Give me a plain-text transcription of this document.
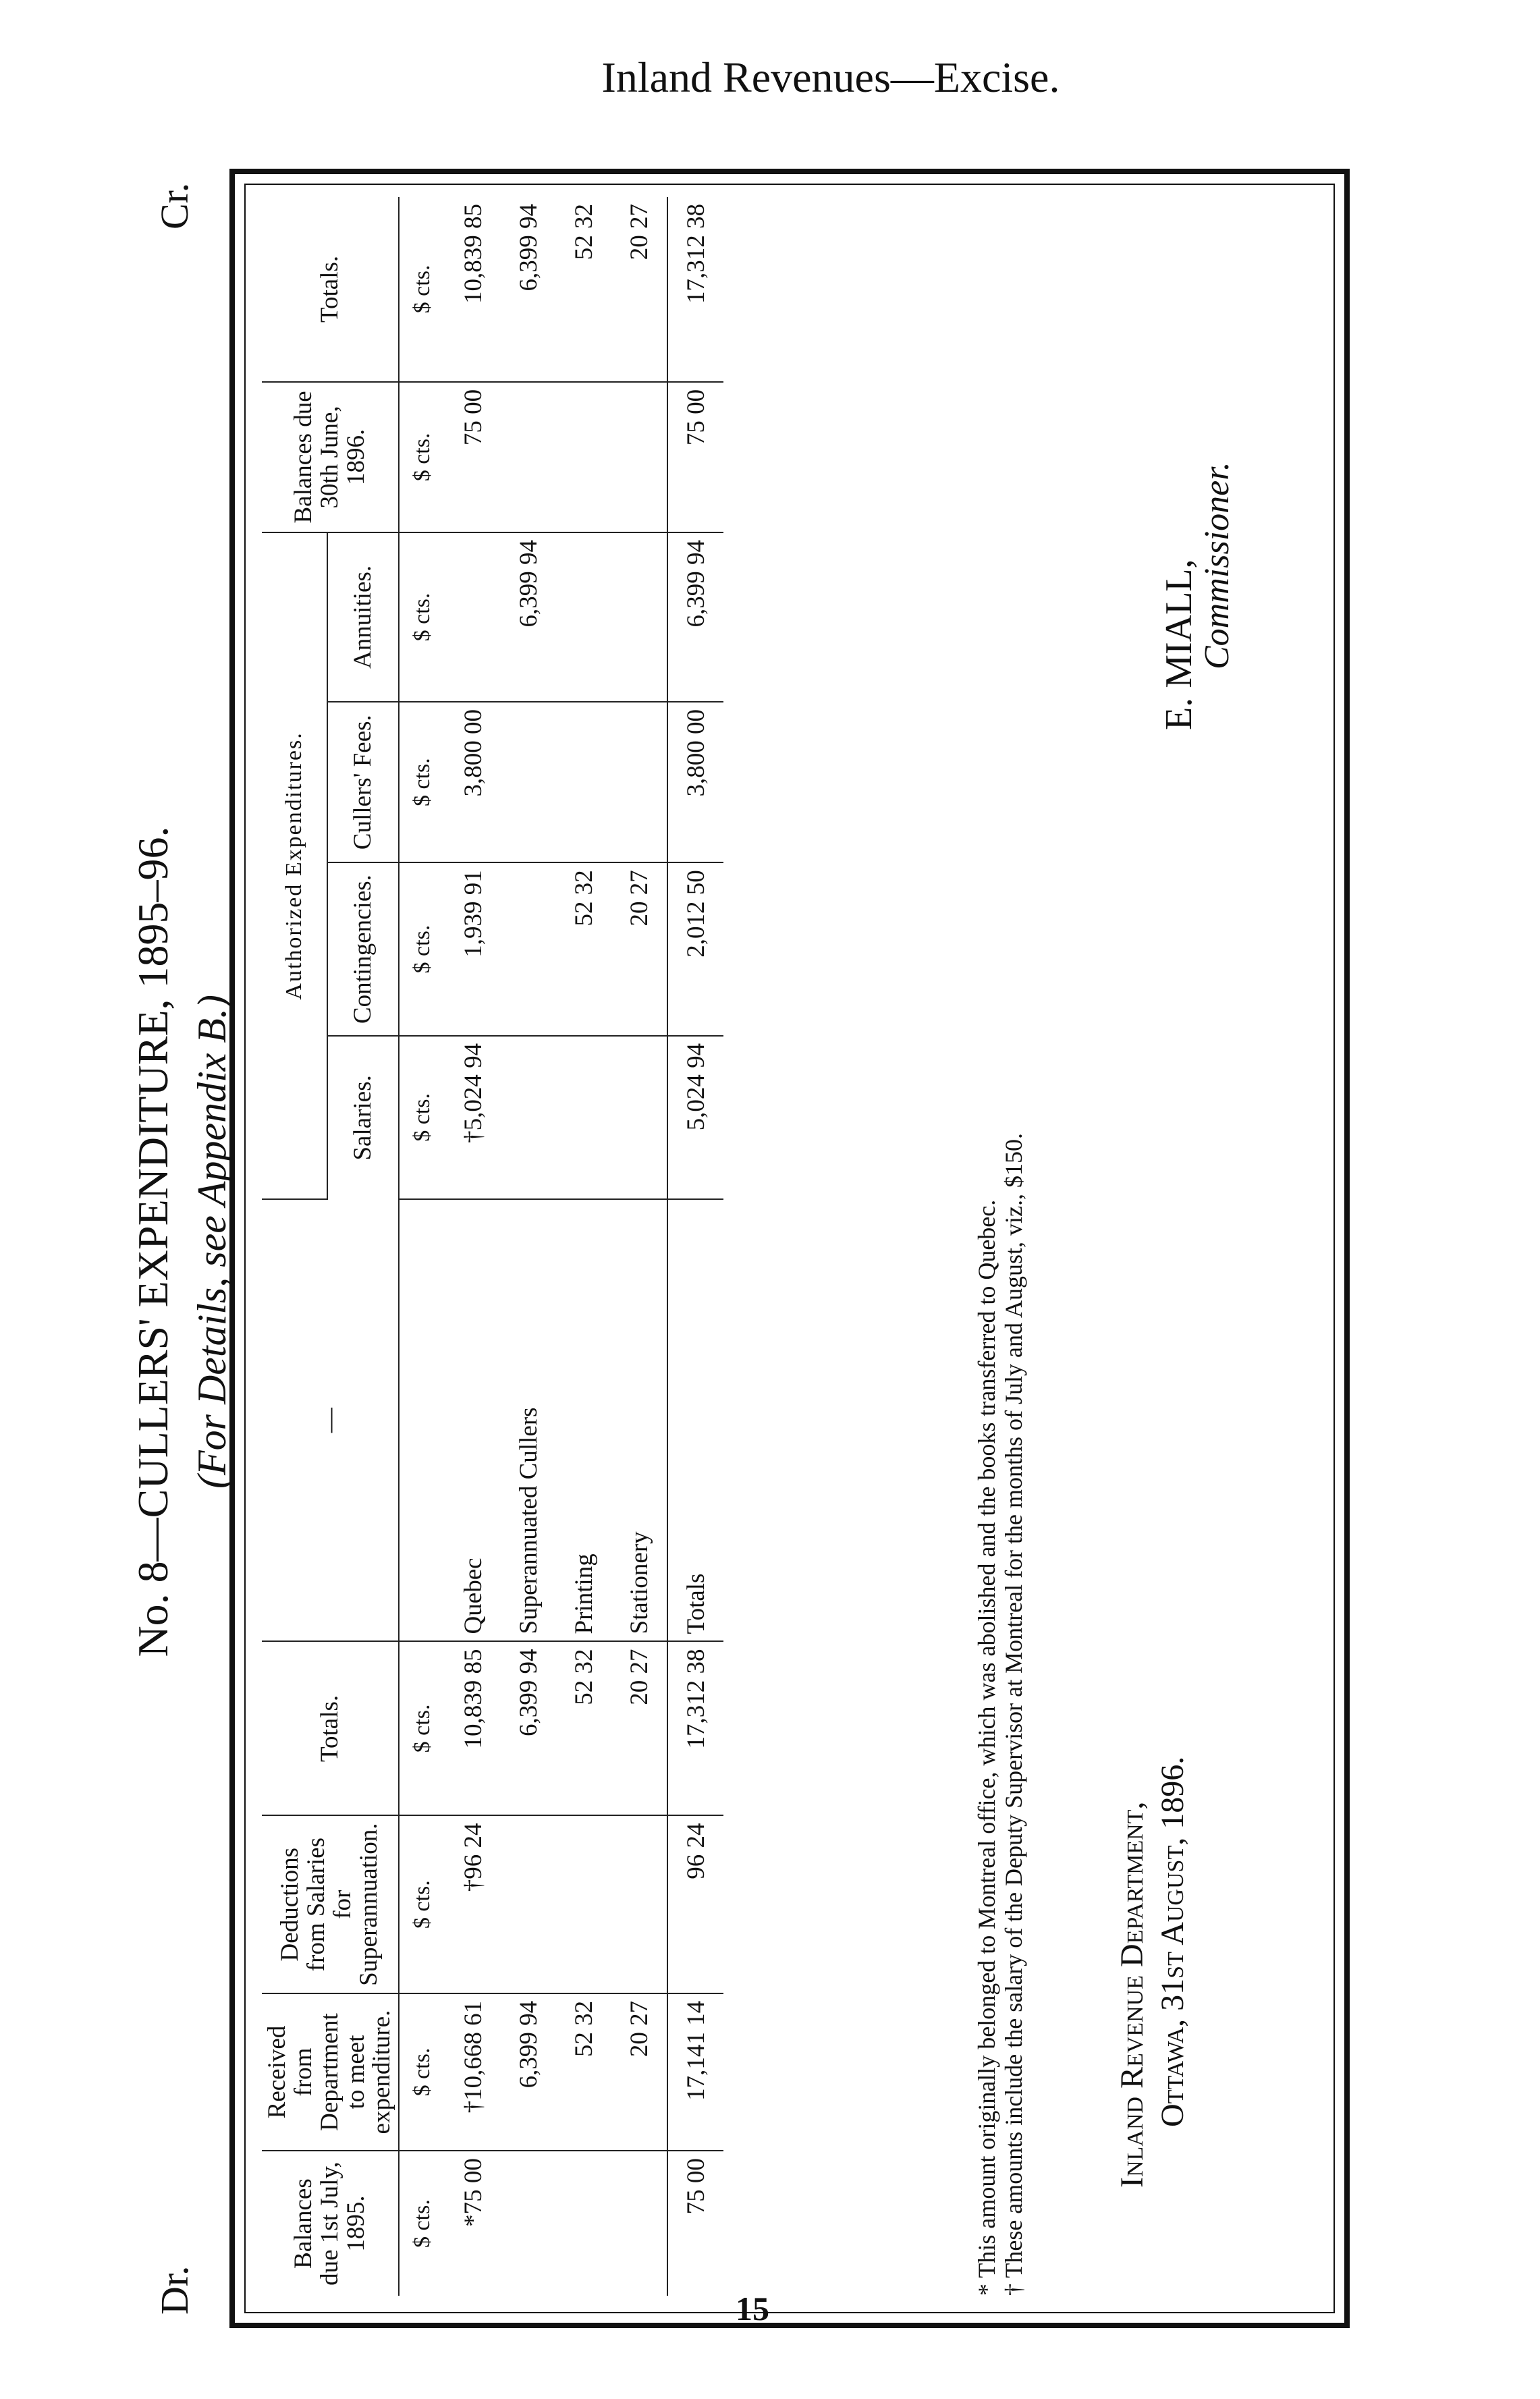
Inland Revenues—Excise.
Dr.
Cr.
No. 8—CULLERS' EXPENDITURE, 1895–96. (For Details, see Appendix B.)
Balances due 1st July, 1895.	Received from Department to meet expenditure.	Deductions from Salaries for Superannuation.	Totals.	—	Authorized Expenditures.				Balances due 30th June, 1896.	Totals.
					Salaries.	Contingencies.	Cullers' Fees.	Annuities.		
$ cts.	$ cts.	$ cts.	$ cts.		$ cts.	$ cts.	$ cts.	$ cts.	$ cts.	$ cts.
*75 00	†10,668 61	†96 24	10,839 85	Quebec	†5,024 94	1,939 91	3,800 00		75 00	10,839 85
	6,399 94		6,399 94	Superannuated Cullers				6,399 94		6,399 94
	52 32		52 32	Printing		52 32				52 32
	20 27		20 27	Stationery		20 27				20 27
75 00	17,141 14	96 24	17,312 38	Totals	5,024 94	2,012 50	3,800 00	6,399 94	75 00	17,312 38
* This amount originally belonged to Montreal office, which was abolished and the books transferred to Quebec. † These amounts include the salary of the Deputy Supervisor at Montreal for the months of July and August, viz., $150.	Inland Revenue Department, Ottawa, 31st August, 1896.
E. MIALL,
Commissioner.
15
